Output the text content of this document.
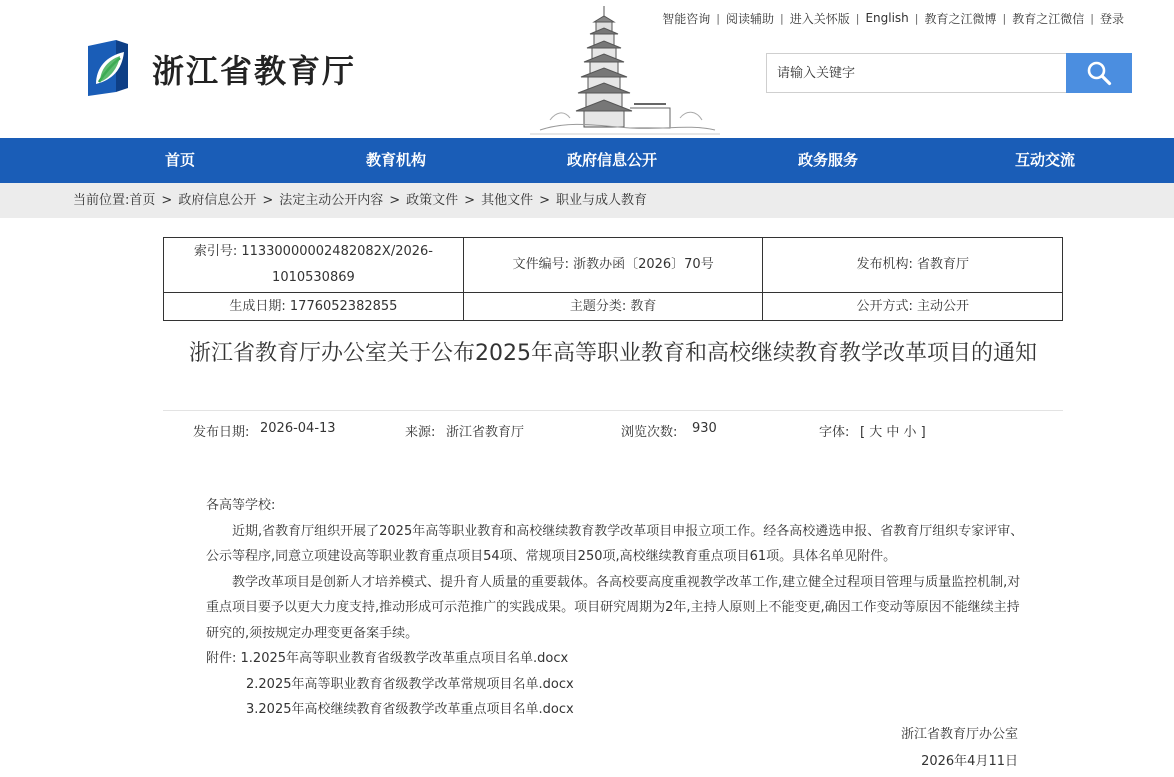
浙江省教育厅
智能咨询 | 阅读辅助 | 进入关怀版 | English | 教育之江微博 | 教育之江微信 | 登录
请输入关键字
首页	教育机构	政府信息公开	政务服务	互动交流
当前位置: 首页 > 政府信息公开 > 法定主动公开内容 > 政策文件 > 其他文件 > 职业与成人教育
索引号: 11330000002482082X/2026-1010530869	文件编号: 浙教办函〔2026〕70号	发布机构: 省教育厅
生成日期: 1776052382855	主题分类: 教育	公开方式: 主动公开
浙江省教育厅办公室关于公布2025年高等职业教育和高校继续教育教学改革项目的通知
发布日期: 2026-04-13	来源: 浙江省教育厅	浏览次数: 930	字体: [ 大 中 小 ]

各高等学校:

近期,省教育厅组织开展了2025年高等职业教育和高校继续教育教学改革项目申报立项工作。经各高校遴选申报、省教育厅组织专家评审、公示等程序,同意立项建设高等职业教育重点项目54项、常规项目250项,高校继续教育重点项目61项。具体名单见附件。

教学改革项目是创新人才培养模式、提升育人质量的重要载体。各高校要高度重视教学改革工作,建立健全过程项目管理与质量监控机制,对重点项目要予以更大力度支持,推动形成可示范推广的实践成果。项目研究周期为2年,主持人原则上不能变更,确因工作变动等原因不能继续主持研究的,须按规定办理变更备案手续。

附件: 1.2025年高等职业教育省级教学改革重点项目名单.docx

2.2025年高等职业教育省级教学改革常规项目名单.docx

3.2025年高校继续教育省级教学改革重点项目名单.docx

浙江省教育厅办公室
2026年4月11日
